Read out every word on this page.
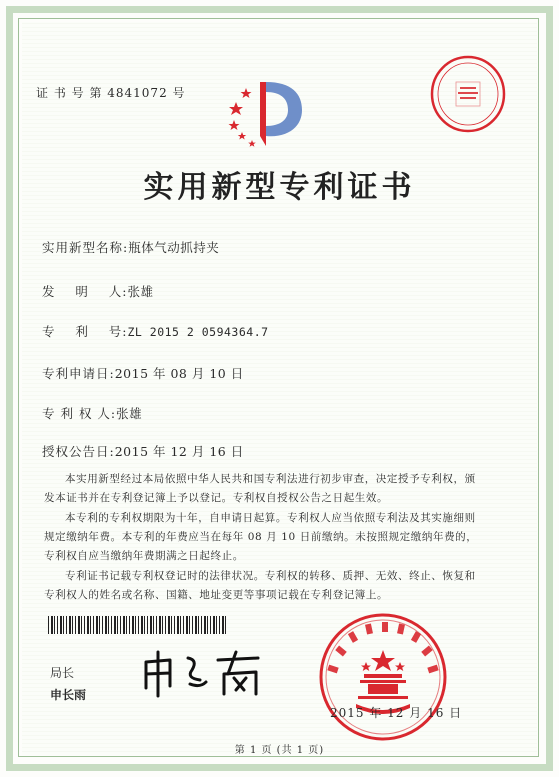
证 书 号 第 4841072 号
实用新型专利证书
实用新型名称:瓶体气动抓持夹
发    明    人:张雄
专    利    号:ZL 2015 2 0594364.7
专利申请日:2015 年 08 月 10 日
专 利 权 人:张雄
授权公告日:2015 年 12 月 16 日

本实用新型经过本局依照中华人民共和国专利法进行初步审查，决定授予专利权，颁发本证书并在专利登记簿上予以登记。专利权自授权公告之日起生效。

本专利的专利权期限为十年，自申请日起算。专利权人应当依照专利法及其实施细则规定缴纳年费。本专利的年费应当在每年 08 月 10 日前缴纳。未按照规定缴纳年费的，专利权自应当缴纳年费期满之日起终止。

专利证书记载专利权登记时的法律状况。专利权的转移、质押、无效、终止、恢复和专利权人的姓名或名称、国籍、地址变更等事项记载在专利登记簿上。

局长
申长雨
2015 年 12 月 16 日
第 1 页 (共 1 页)
